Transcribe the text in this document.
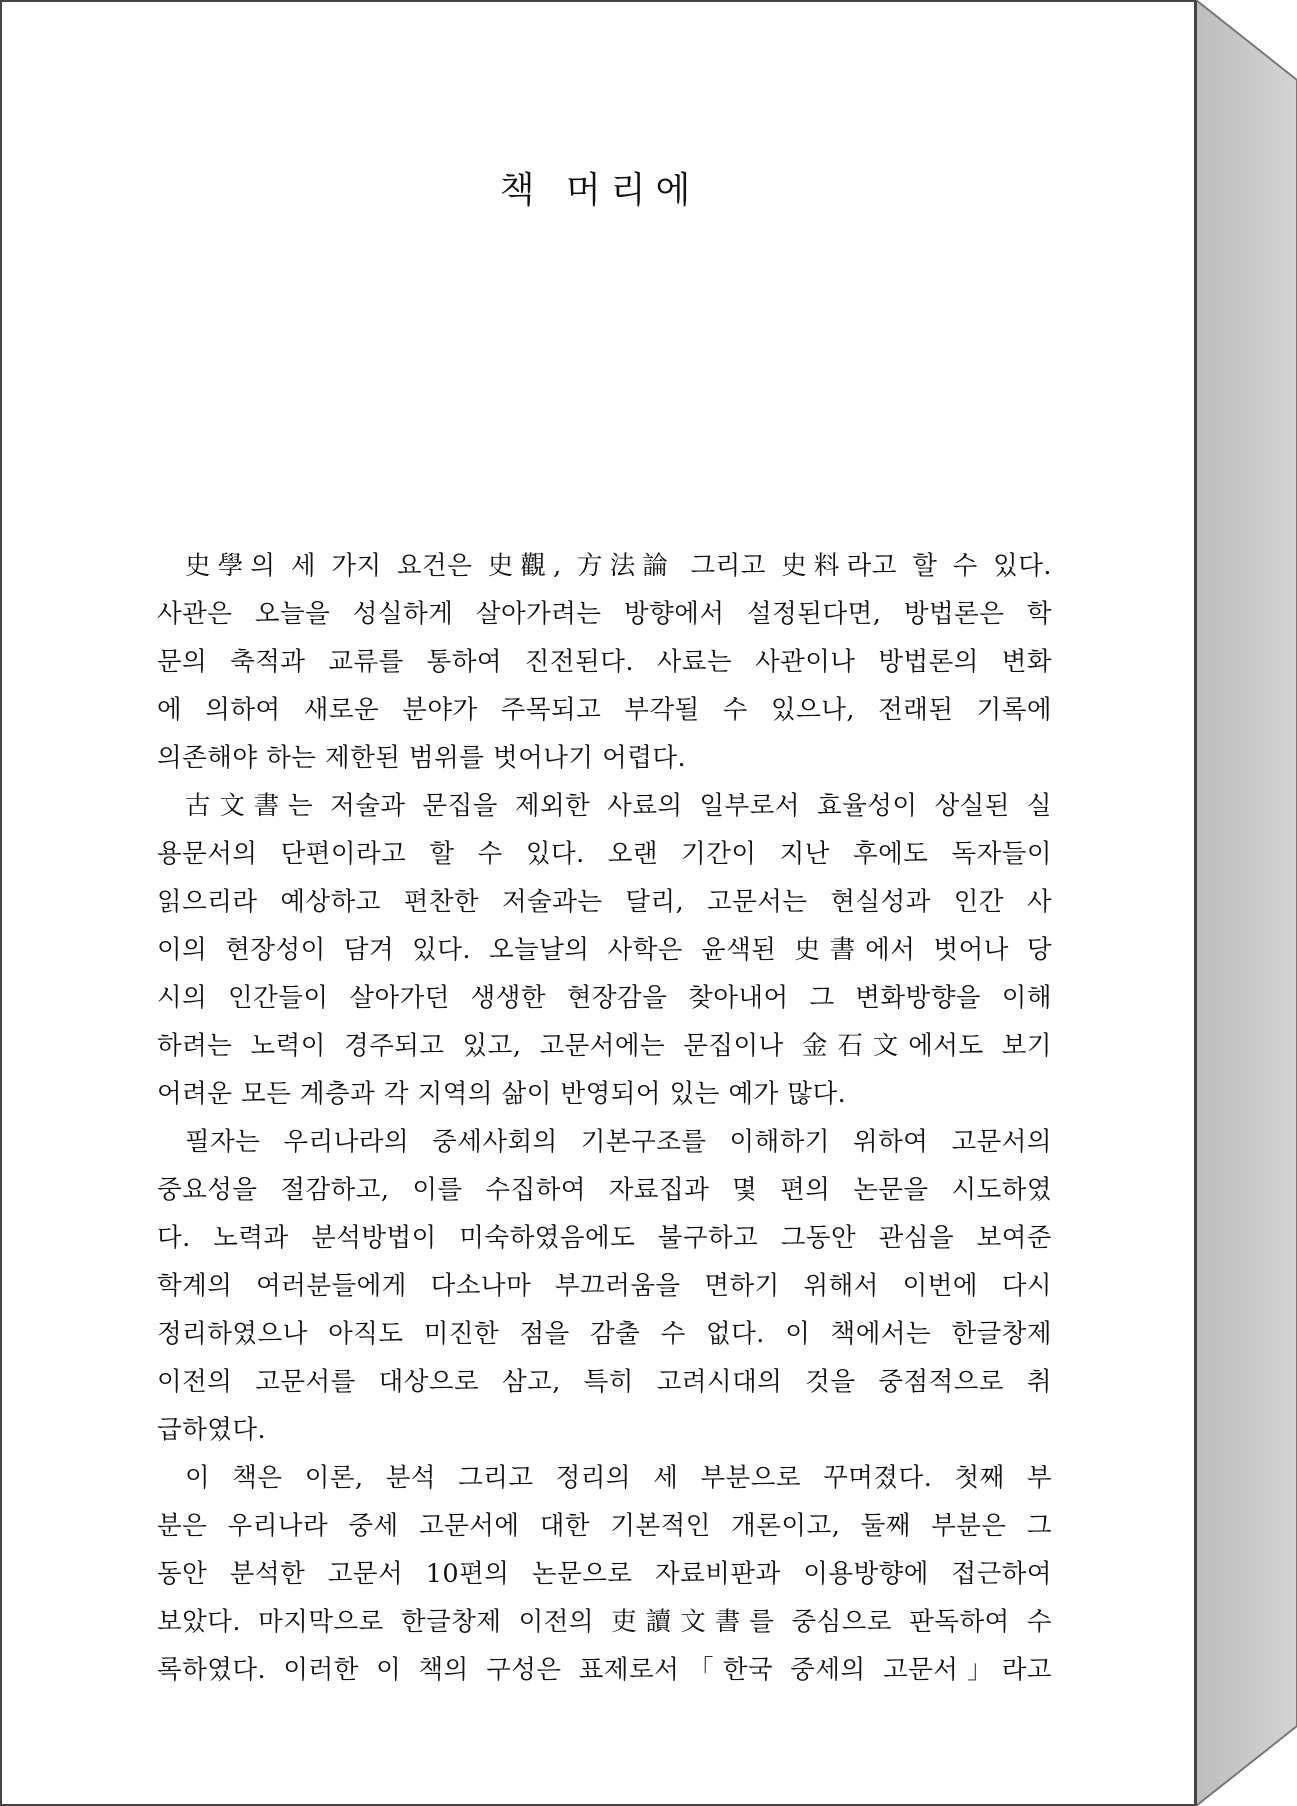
책 머리에
史學의 세 가지 요건은 史觀, 方法論 그리고 史料라고 할 수 있다.
사관은 오늘을 성실하게 살아가려는 방향에서 설정된다면, 방법론은 학
문의 축적과 교류를 통하여 진전된다. 사료는 사관이나 방법론의 변화
에 의하여 새로운 분야가 주목되고 부각될 수 있으나, 전래된 기록에
의존해야 하는 제한된 범위를 벗어나기 어렵다.
古文書는 저술과 문집을 제외한 사료의 일부로서 효율성이 상실된 실
용문서의 단편이라고 할 수 있다. 오랜 기간이 지난 후에도 독자들이
읽으리라 예상하고 편찬한 저술과는 달리, 고문서는 현실성과 인간 사
이의 현장성이 담겨 있다. 오늘날의 사학은 윤색된 史書에서 벗어나 당
시의 인간들이 살아가던 생생한 현장감을 찾아내어 그 변화방향을 이해
하려는 노력이 경주되고 있고, 고문서에는 문집이나 金石文에서도 보기
어려운 모든 계층과 각 지역의 삶이 반영되어 있는 예가 많다.
필자는 우리나라의 중세사회의 기본구조를 이해하기 위하여 고문서의
중요성을 절감하고, 이를 수집하여 자료집과 몇 편의 논문을 시도하였
다. 노력과 분석방법이 미숙하였음에도 불구하고 그동안 관심을 보여준
학계의 여러분들에게 다소나마 부끄러움을 면하기 위해서 이번에 다시
정리하였으나 아직도 미진한 점을 감출 수 없다. 이 책에서는 한글창제
이전의 고문서를 대상으로 삼고, 특히 고려시대의 것을 중점적으로 취
급하였다.
이 책은 이론, 분석 그리고 정리의 세 부분으로 꾸며졌다. 첫째 부
분은 우리나라 중세 고문서에 대한 기본적인 개론이고, 둘째 부분은 그
동안 분석한 고문서 10편의 논문으로 자료비판과 이용방향에 접근하여
보았다. 마지막으로 한글창제 이전의 吏讀文書를 중심으로 판독하여 수
록하였다. 이러한 이 책의 구성은 표제로서「한국 중세의 고문서」라고
